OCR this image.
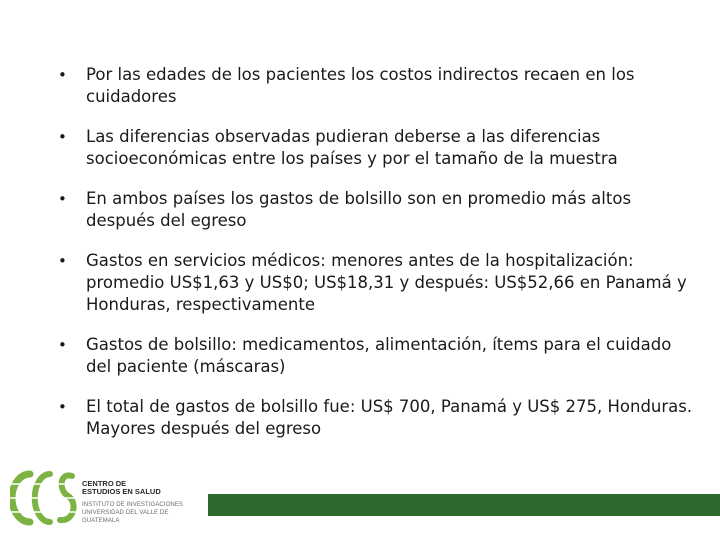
• Por las edades de los pacientes los costos indirectos recaen en los cuidadores
• Las diferencias observadas pudieran deberse a las diferencias socioeconómicas entre los países y por el tamaño de la muestra
• En ambos países los gastos de bolsillo son en promedio más altos después del egreso
• Gastos en servicios médicos: menores antes de la hospitalización: promedio US$1,63 y US$0; US$18,31 y después: US$52,66 en Panamá y Honduras, respectivamente
• Gastos de bolsillo: medicamentos, alimentación, ítems para el cuidado del paciente (máscaras)
• El total de gastos de bolsillo fue: US$ 700, Panamá y US$ 275, Honduras. Mayores después del egreso
CENTRO DE
ESTUDIOS EN SALUD
INSTITUTO DE INVESTIGACIONES
UNIVERSIDAD DEL VALLE DE GUATEMALA
